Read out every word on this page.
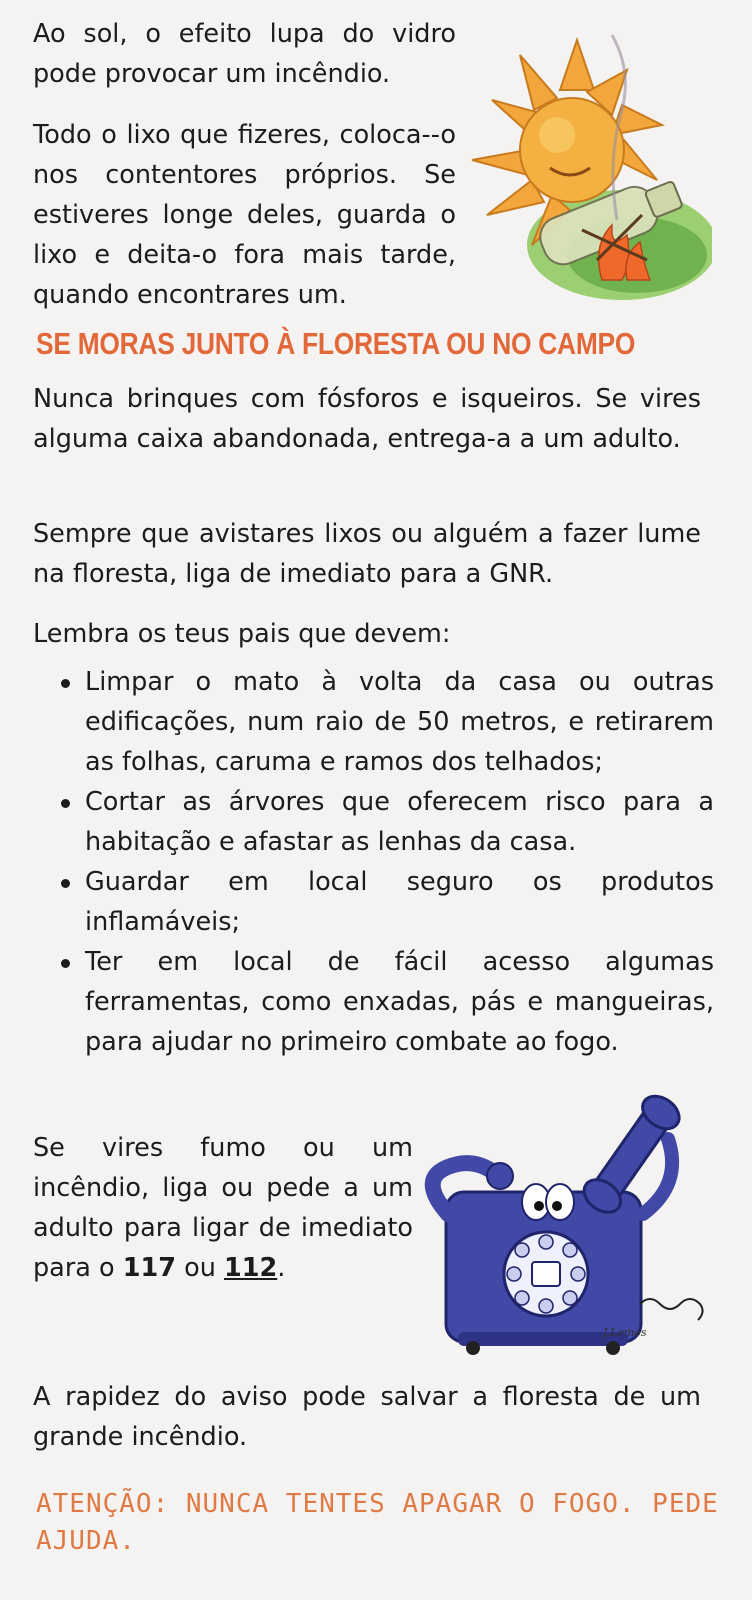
Ao sol, o efeito lupa do vidro pode provocar um incêndio.

Todo o lixo que fizeres, coloca--o nos contentores próprios. Se estiveres longe deles, guarda o lixo e deita-o fora mais tarde, quando encontrares um.

SE MORAS JUNTO À FLORESTA OU NO CAMPO

Nunca brinques com fósforos e isqueiros. Se vires alguma caixa abandonada, entrega-a a um adulto.

Sempre que avistares lixos ou alguém a fazer lume na floresta, liga de imediato para a GNR.

Lembra os teus pais que devem:

Limpar o mato à volta da casa ou outras edificações, num raio de 50 metros, e retirarem as folhas, caruma e ramos dos telhados;
Cortar as árvores que oferecem risco para a habitação e afastar as lenhas da casa.
Guardar em local seguro os produtos inflamáveis;
Ter em local de fácil acesso algumas ferramentas, como enxadas, pás e mangueiras, para ajudar no primeiro combate ao fogo.

Se vires fumo ou um incêndio, liga ou pede a um adulto para ligar de imediato para o 117 ou 112.

J.Lemos

A rapidez do aviso pode salvar a floresta de um grande incêndio.

ATENÇÃO: NUNCA TENTES APAGAR O FOGO. PEDE AJUDA.
